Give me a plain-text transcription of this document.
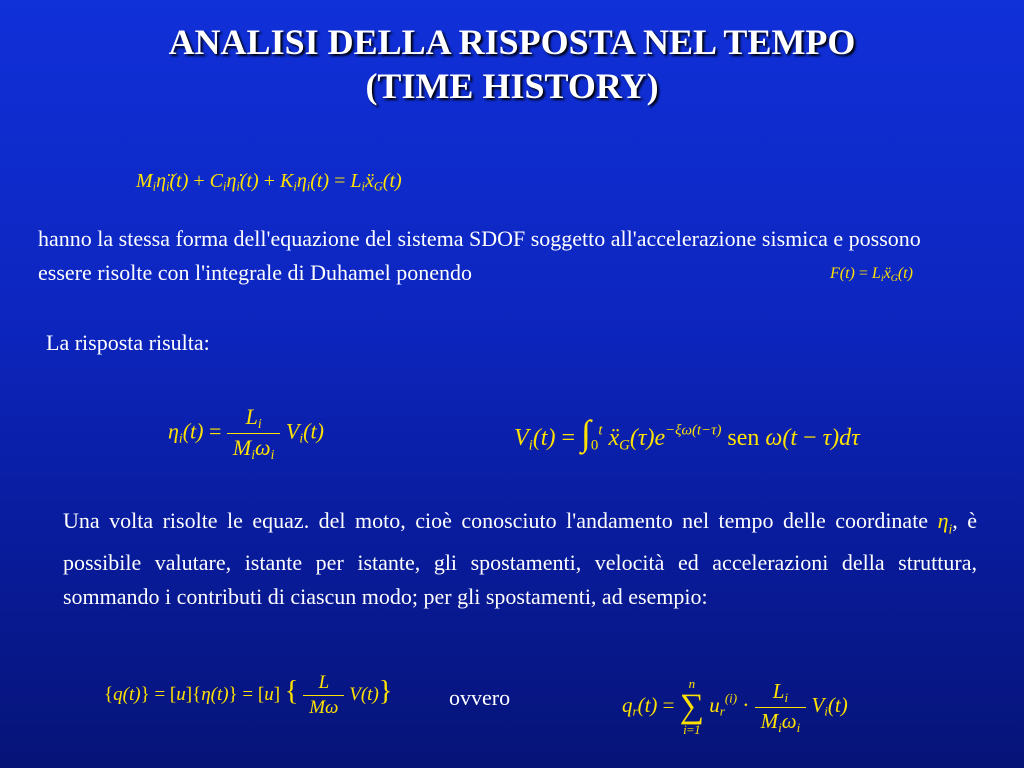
ANALISI DELLA RISPOSTA NEL TEMPO
(TIME HISTORY)
$M_i\etä_i(t)$ + $C_i\etȧ_i(t) + K_i\eta_i(t)$ = $L_iẍ_G(t)$
hanno la stessa forma dell'equazione del sistema SDOF soggetto all'accelerazione sismica e possono essere risolte con l'integrale di Duhamel ponendo	$F(t) = L_iẍ_G(t)$
La risposta risulta:
$\eta_i(t) = \frac{L_i}{M_i\omega_i} V_i(t)$	$V_i(t) = \int_0^t$ $ẍ_G(\tau)e^{-\xi\omega(t-\tau)}$ sen ω(t − τ)dτ
Una volta risolte le equaz. del moto, cioè conosciuto l'andamento nel tempo delle coordinate $\eta_i$, è possibile valutare, istante per istante, gli spostamenti, velocità ed accelerazioni della struttura, sommando i contributi di ciascun modo; per gli spostamenti, ad esempio:
{q(t)} = [u]{η(t)} = [u] { $\frac{L}{M\omega} V(t)$}	ovvero	$q_r(t)$ =
n
∑
i=1
$u_r^{(i)} \cdot \frac{L_i}{M_i\omega_i} V_i(t)$
